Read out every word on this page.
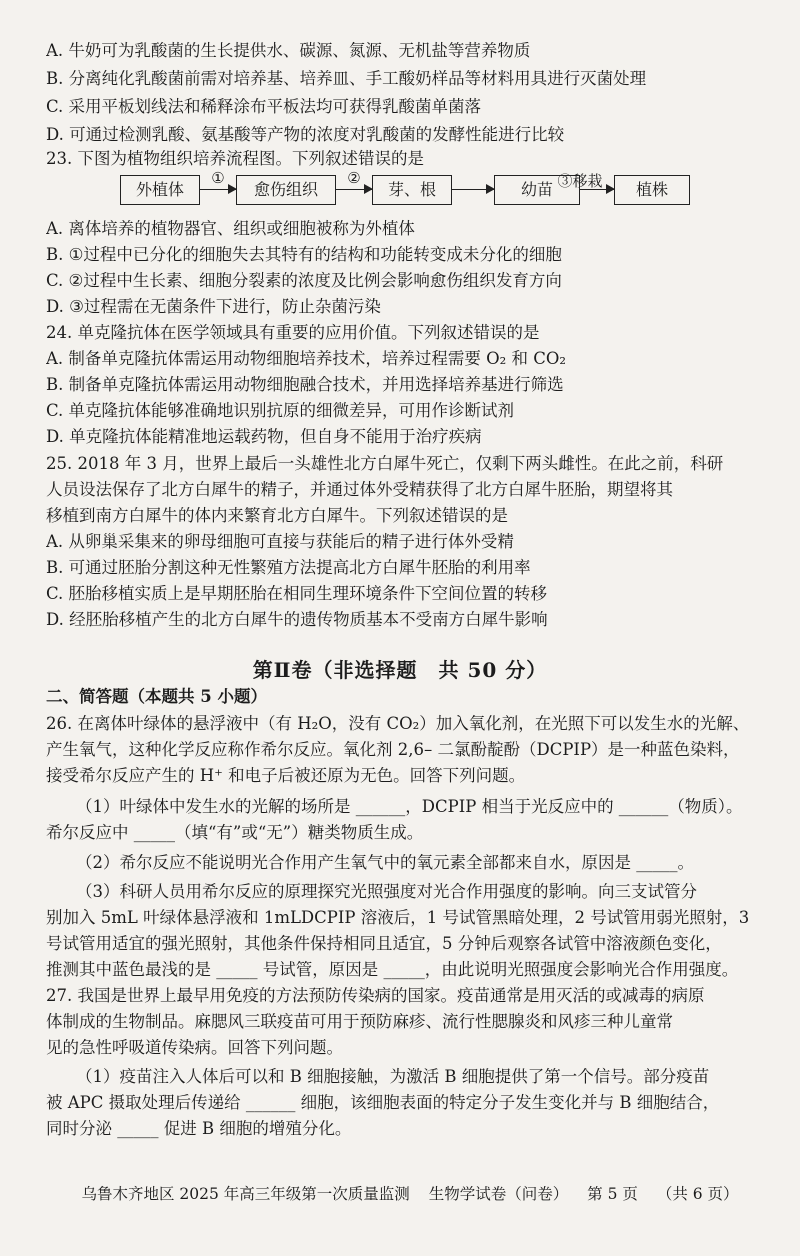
A. 牛奶可为乳酸菌的生长提供水、碳源、氮源、无机盐等营养物质
B. 分离纯化乳酸菌前需对培养基、培养皿、手工酸奶样品等材料用具进行灭菌处理
C. 采用平板划线法和稀释涂布平板法均可获得乳酸菌单菌落
D. 可通过检测乳酸、氨基酸等产物的浓度对乳酸菌的发酵性能进行比较
23. 下图为植物组织培养流程图。下列叙述错误的是
外植体
①
愈伤组织
②
芽、根	幼苗	植株
③移栽
A. 离体培养的植物器官、组织或细胞被称为外植体
B. ①过程中已分化的细胞失去其特有的结构和功能转变成未分化的细胞
C. ②过程中生长素、细胞分裂素的浓度及比例会影响愈伤组织发育方向
D. ③过程需在无菌条件下进行，防止杂菌污染
24. 单克隆抗体在医学领域具有重要的应用价值。下列叙述错误的是
A. 制备单克隆抗体需运用动物细胞培养技术，培养过程需要 O₂ 和 CO₂
B. 制备单克隆抗体需运用动物细胞融合技术，并用选择培养基进行筛选
C. 单克隆抗体能够准确地识别抗原的细微差异，可用作诊断试剂
D. 单克隆抗体能精准地运载药物，但自身不能用于治疗疾病
25. 2018 年 3 月，世界上最后一头雄性北方白犀牛死亡，仅剩下两头雌性。在此之前，科研
人员设法保存了北方白犀牛的精子，并通过体外受精获得了北方白犀牛胚胎，期望将其
移植到南方白犀牛的体内来繁育北方白犀牛。下列叙述错误的是
A. 从卵巢采集来的卵母细胞可直接与获能后的精子进行体外受精
B. 可通过胚胎分割这种无性繁殖方法提高北方白犀牛胚胎的利用率
C. 胚胎移植实质上是早期胚胎在相同生理环境条件下空间位置的转移
D. 经胚胎移植产生的北方白犀牛的遗传物质基本不受南方白犀牛影响
第Ⅱ卷（非选择题　共 50 分）
二、简答题（本题共 5 小题）
26. 在离体叶绿体的悬浮液中（有 H₂O，没有 CO₂）加入氧化剂，在光照下可以发生水的光解、
产生氧气，这种化学反应称作希尔反应。氧化剂 2,6– 二氯酚靛酚（DCPIP）是一种蓝色染料，
接受希尔反应产生的 H⁺ 和电子后被还原为无色。回答下列问题。
（1）叶绿体中发生水的光解的场所是 ______，DCPIP 相当于光反应中的 ______（物质）。
希尔反应中 _____（填“有”或“无”）糖类物质生成。
（2）希尔反应不能说明光合作用产生氧气中的氧元素全部都来自水，原因是 _____。
（3）科研人员用希尔反应的原理探究光照强度对光合作用强度的影响。向三支试管分
别加入 5mL 叶绿体悬浮液和 1mLDCPIP 溶液后，1 号试管黑暗处理，2 号试管用弱光照射，3
号试管用适宜的强光照射，其他条件保持相同且适宜，5 分钟后观察各试管中溶液颜色变化，
推测其中蓝色最浅的是 _____ 号试管，原因是 _____，由此说明光照强度会影响光合作用强度。
27. 我国是世界上最早用免疫的方法预防传染病的国家。疫苗通常是用灭活的或减毒的病原
体制成的生物制品。麻腮风三联疫苗可用于预防麻疹、流行性腮腺炎和风疹三种儿童常
见的急性呼吸道传染病。回答下列问题。
（1）疫苗注入人体后可以和 B 细胞接触，为激活 B 细胞提供了第一个信号。部分疫苗
被 APC 摄取处理后传递给 ______ 细胞，该细胞表面的特定分子发生变化并与 B 细胞结合，
同时分泌 _____ 促进 B 细胞的增殖分化。
乌鲁木齐地区 2025 年高三年级第一次质量监测 生物学试卷（问卷） 第 5 页 （共 6 页）
